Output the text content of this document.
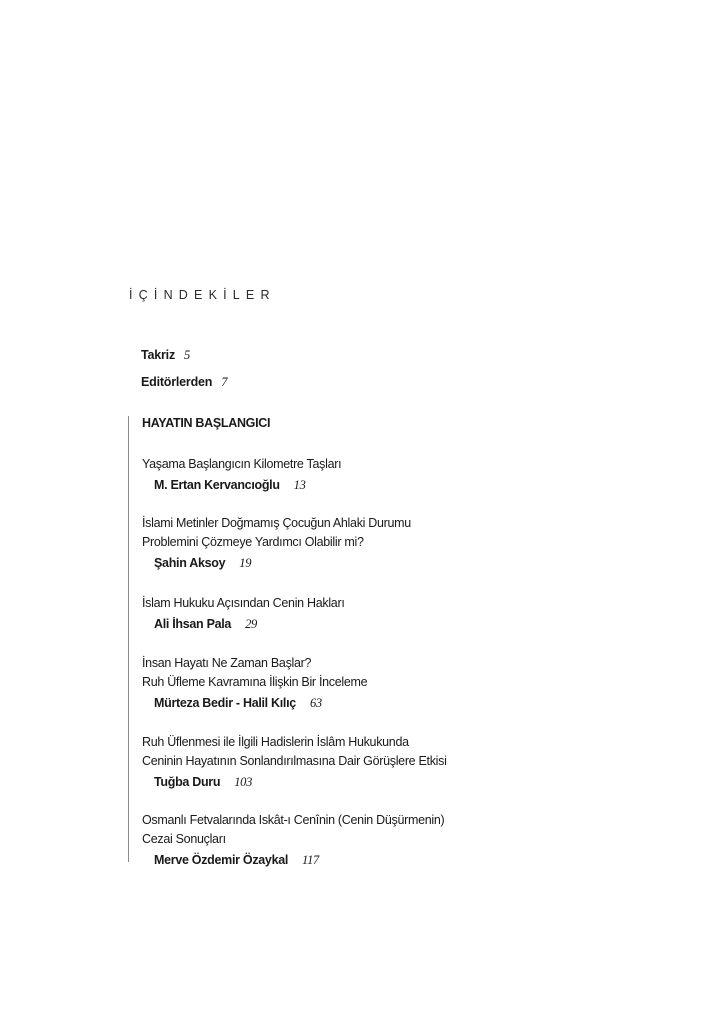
İÇİNDEKİLER
Takriz 5
Editörlerden 7
HAYATIN BAŞLANGICI
Yaşama Başlangıcın Kilometre Taşları
M. Ertan Kervancıoğlu 13
İslami Metinler Doğmamış Çocuğun Ahlaki Durumu
Problemini Çözmeye Yardımcı Olabilir mi?
Şahin Aksoy 19
İslam Hukuku Açısından Cenin Hakları
Ali İhsan Pala 29
İnsan Hayatı Ne Zaman Başlar?
Ruh Üfleme Kavramına İlişkin Bir İnceleme
Mürteza Bedir - Halil Kılıç 63
Ruh Üflenmesi ile İlgili Hadislerin İslâm Hukukunda
Ceninin Hayatının Sonlandırılmasına Dair Görüşlere Etkisi
Tuğba Duru 103
Osmanlı Fetvalarında Iskât-ı Cenînin (Cenin Düşürmenin)
Cezai Sonuçları
Merve Özdemir Özaykal 117
